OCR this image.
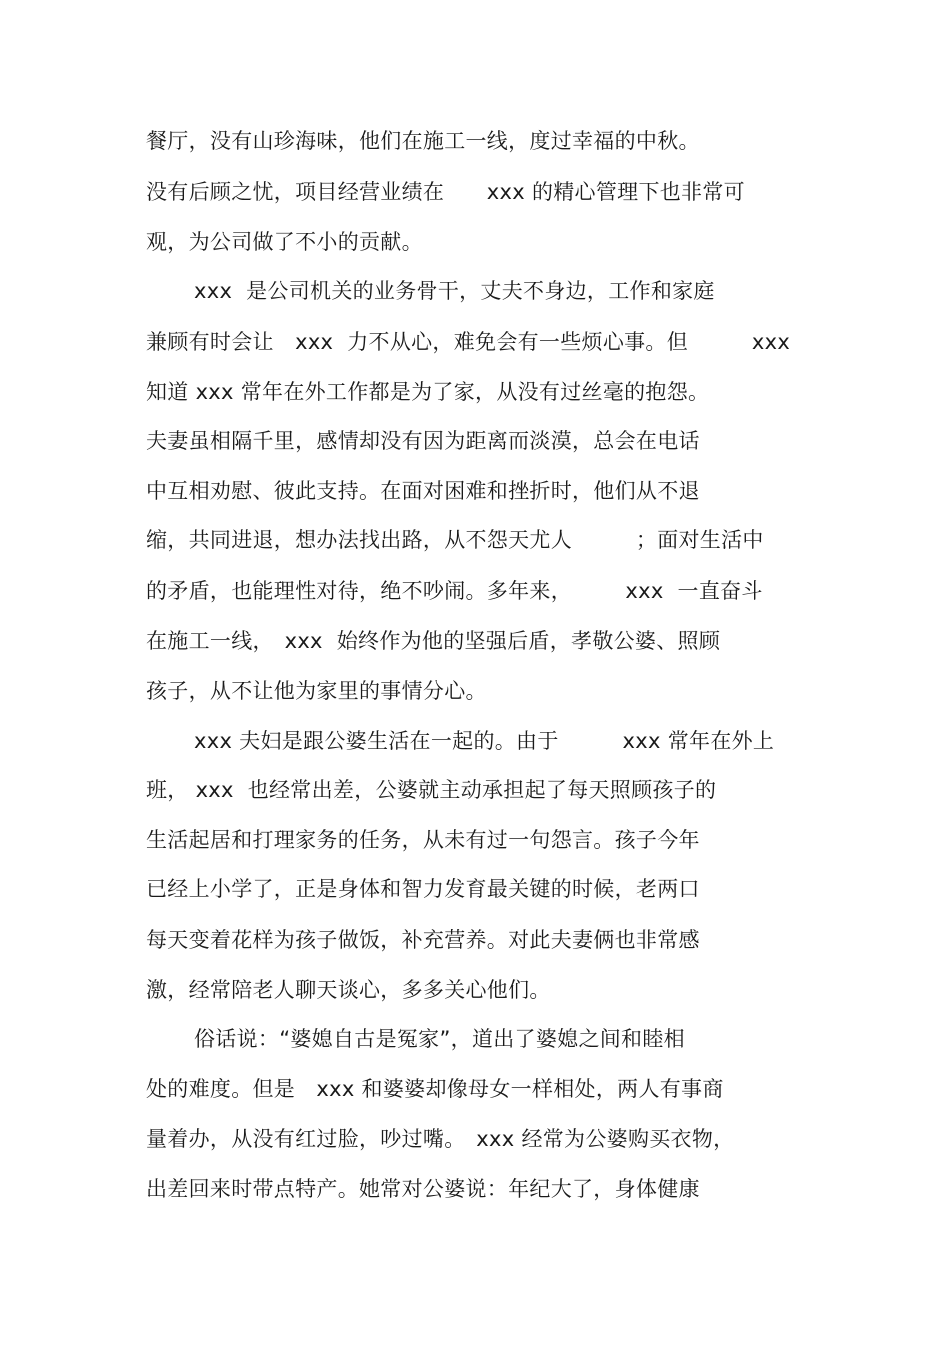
餐厅，没有山珍海味，他们在施工一线，度过幸福的中秋。
没有后顾之忧，项目经营业绩在　　xxx 的精心管理下也非常可
观，为公司做了不小的贡献。
xxx  是公司机关的业务骨干，丈夫不身边，工作和家庭
兼顾有时会让　xxx  力不从心，难免会有一些烦心事。但　　　xxx
知道 xxx 常年在外工作都是为了家，从没有过丝毫的抱怨。
夫妻虽相隔千里，感情却没有因为距离而淡漠，总会在电话
中互相劝慰、彼此支持。在面对困难和挫折时，他们从不退
缩，共同进退，想办法找出路，从不怨天尤人　　　；面对生活中
的矛盾，也能理性对待，绝不吵闹。多年来，　　　xxx  一直奋斗
在施工一线，　xxx  始终作为他的坚强后盾，孝敬公婆、照顾
孩子，从不让他为家里的事情分心。
xxx 夫妇是跟公婆生活在一起的。由于　　　xxx 常年在外上
班， xxx  也经常出差，公婆就主动承担起了每天照顾孩子的
生活起居和打理家务的任务，从未有过一句怨言。孩子今年
已经上小学了，正是身体和智力发育最关键的时候，老两口
每天变着花样为孩子做饭，补充营养。对此夫妻俩也非常感
激，经常陪老人聊天谈心，多多关心他们。
俗话说：“婆媳自古是冤家”，道出了婆媳之间和睦相
处的难度。但是　xxx 和婆婆却像母女一样相处，两人有事商
量着办，从没有红过脸，吵过嘴。　xxx 经常为公婆购买衣物，
出差回来时带点特产。她常对公婆说：年纪大了，身体健康
